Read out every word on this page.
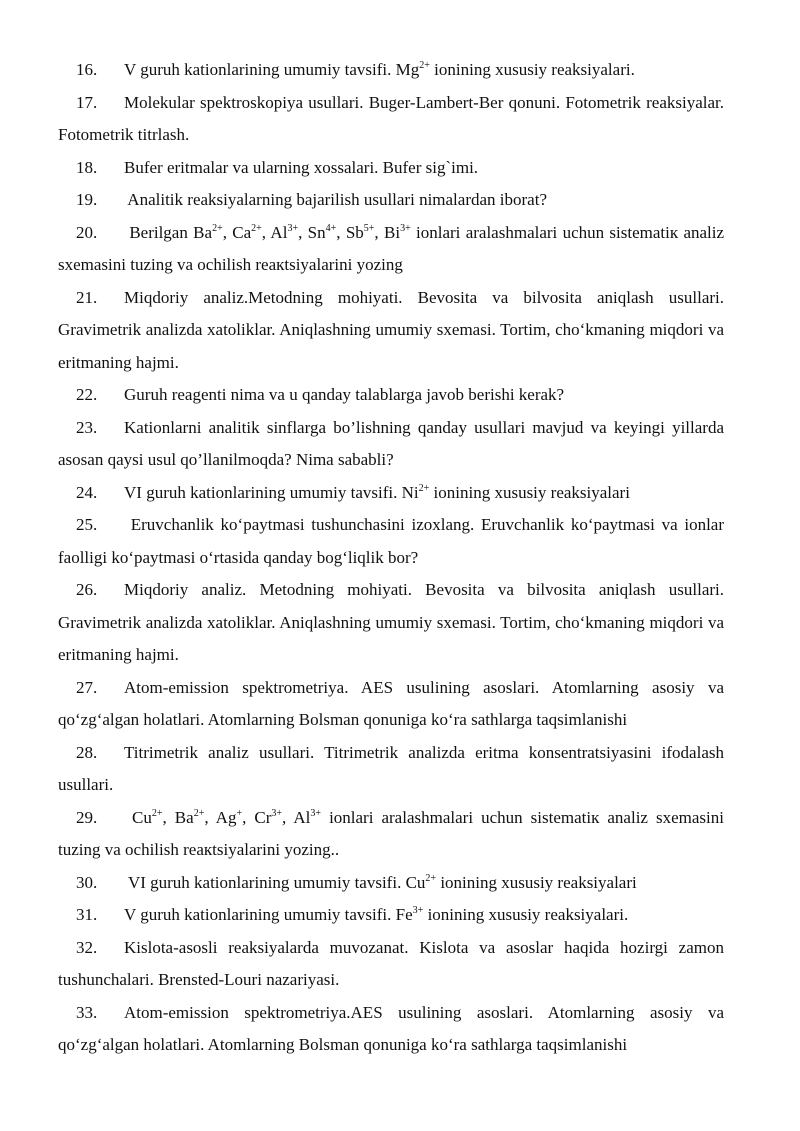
16. V guruh kationlarining umumiy tavsifi. $Mg^{2+}$ ionining xususiy reaksiyalari.

17. Molekular spektroskopiya usullari. Buger-Lambert-Ber qonuni. Fotometrik reaksiyalar. Fotometrik titrlash.

18. Bufer eritmalar va ularning xossalari. Bufer sig`imi.

19. Analitik reaksiyalarning bajarilish usullari nimalardan iborat?

20. Berilgan $Ba^{2+}$, $Ca^{2+}$, $Al^{3+}$, $Sn^{4+}$, $Sb^{5+}$, $Bi^{3+}$ ionlari aralashmalari uchun sistematiк analiz sxemasini tuzing va ochilish reaкtsiyalarini yozing

21. Miqdoriy analiz.Metodning mohiyati. Bevosita va bilvosita aniqlash usullari. Gravimetrik analizda xatoliklar. Aniqlashning umumiy sxemasi. Tortim, cho‘kmaning miqdori va eritmaning hajmi.

22. Guruh reagenti nima va u qanday talablarga javob berishi kerak?

23. Kationlarni analitik sinflarga bo’lishning qanday usullari mavjud va keyingi yillarda asosan qaysi usul qo’llanilmoqda? Nima sababli?

24. VI guruh kationlarining umumiy tavsifi. $Ni^{2+}$ ionining xususiy reaksiyalari

25. Eruvchanlik ko‘paytmasi tushunchasini izoxlang. Eruvchanlik ko‘paytmasi va ionlar faolligi ko‘paytmasi o‘rtasida qanday bog‘liqlik bor?

26. Miqdoriy analiz. Metodning mohiyati. Bevosita va bilvosita aniqlash usullari. Gravimetrik analizda xatoliklar. Aniqlashning umumiy sxemasi. Tortim, cho‘kmaning miqdori va eritmaning hajmi.

27. Atom-emission spektrometriya. AES usulining asoslari. Atomlarning asosiy va qo‘zg‘algan holatlari. Atomlarning Bolsman qonuniga ko‘ra sathlarga taqsimlanishi

28. Titrimetrik analiz usullari. Titrimetrik analizda eritma konsentratsiyasini ifodalash usullari.

29. $Cu^{2+}$, $Ba^{2+}$, Ag+, $Cr^{3+}$, $Al^{3+}$ ionlari aralashmalari uchun sistematiк analiz sxemasini tuzing va ochilish reaкtsiyalarini yozing..

30. VI guruh kationlarining umumiy tavsifi. $Cu^{2+}$ ionining xususiy reaksiyalari

31. V guruh kationlarining umumiy tavsifi. $Fe^{3+}$ ionining xususiy reaksiyalari.

32. Kislota-asosli reaksiyalarda muvozanat. Kislota va asoslar haqida hozirgi zamon tushunchalari. Brensted-Louri nazariyasi.

33. Atom-emission spektrometriya.AES usulining asoslari. Atomlarning asosiy va qo‘zg‘algan holatlari. Atomlarning Bolsman qonuniga ko‘ra sathlarga taqsimlanishi
